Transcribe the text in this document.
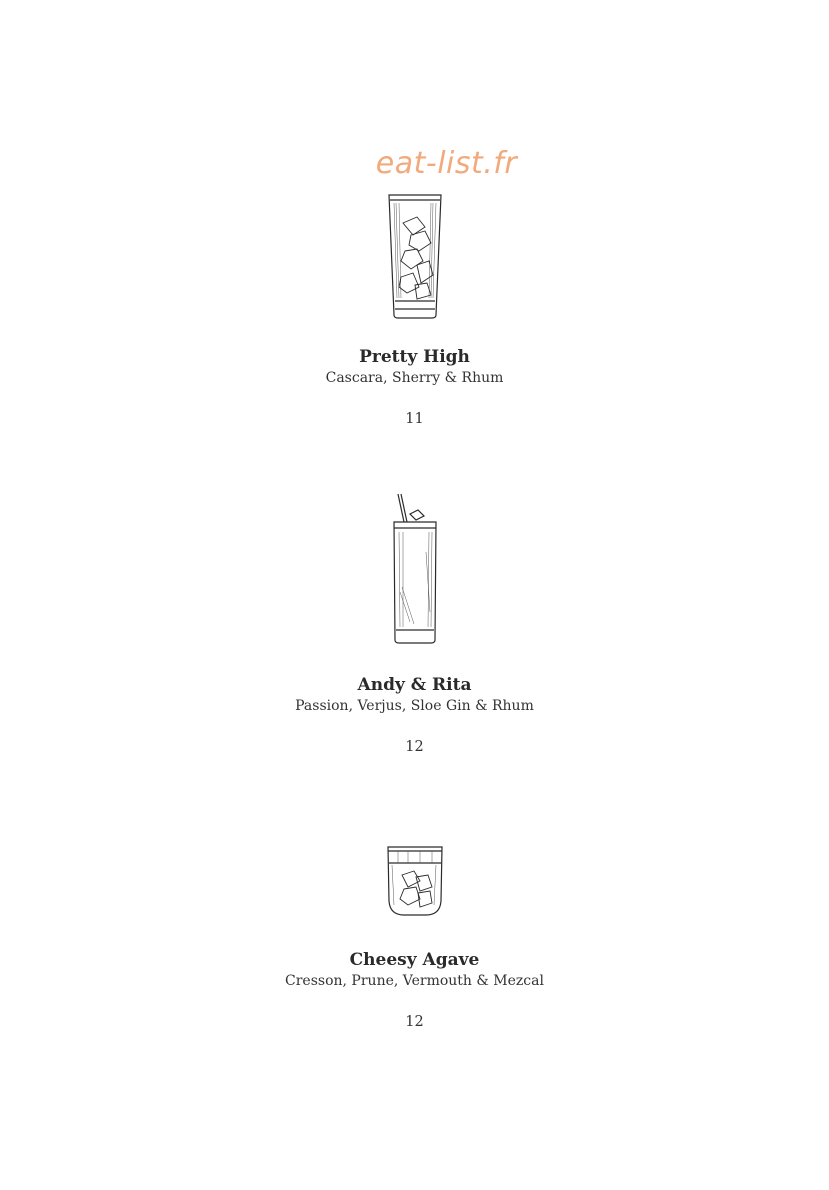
eat-list.fr

Pretty High

Cascara, Sherry & Rhum

11

Andy & Rita

Passion, Verjus, Sloe Gin & Rhum

12

Cheesy Agave

Cresson, Prune, Vermouth & Mezcal

12
